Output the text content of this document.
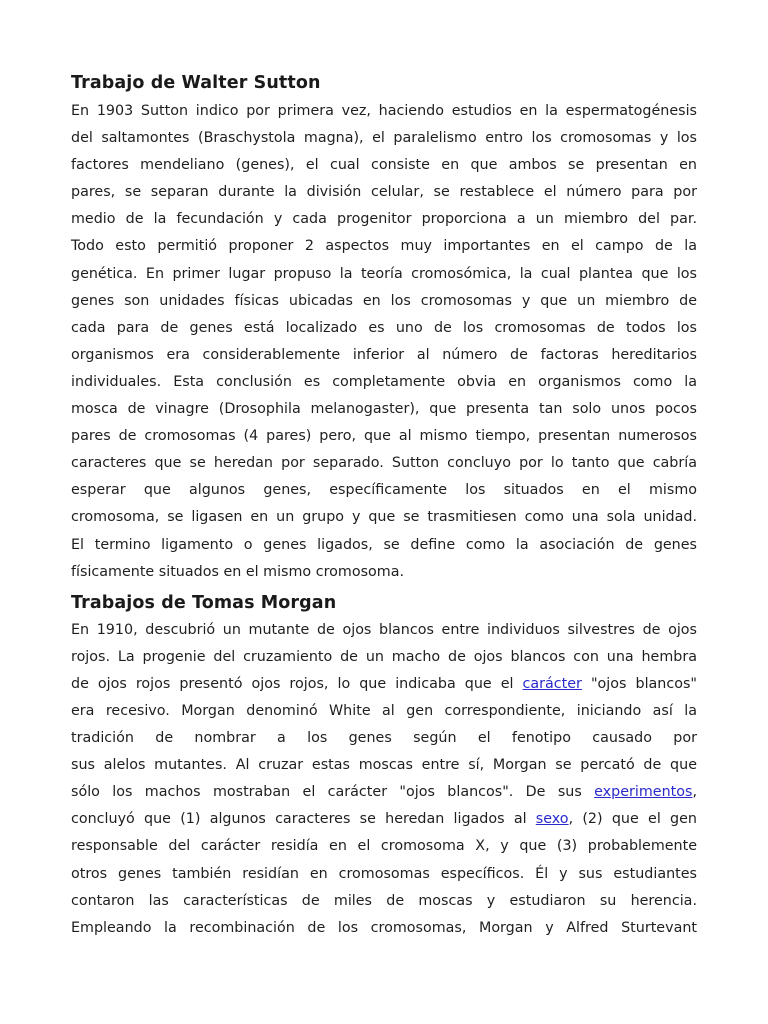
Trabajo de Walter Sutton
En 1903 Sutton indico por primera vez, haciendo estudios en la espermatogénesis
del saltamontes (Braschystola magna), el paralelismo entro los cromosomas y los
factores mendeliano (genes), el cual consiste en que ambos se presentan en
pares, se separan durante la división celular, se restablece el número para por
medio de la fecundación y cada progenitor proporciona a un miembro del par.
Todo esto permitió proponer 2 aspectos muy importantes en el campo de la
genética. En primer lugar propuso la teoría cromosómica, la cual plantea que los
genes son unidades físicas ubicadas en los cromosomas y que un miembro de
cada para de genes está localizado es uno de los cromosomas de todos los
organismos era considerablemente inferior al número de factoras hereditarios
individuales. Esta conclusión es completamente obvia en organismos como la
mosca de vinagre (Drosophila melanogaster), que presenta tan solo unos pocos
pares de cromosomas (4 pares) pero, que al mismo tiempo, presentan numerosos
caracteres que se heredan por separado. Sutton concluyo por lo tanto que cabría
esperar que algunos genes, específicamente los situados en el mismo
cromosoma, se ligasen en un grupo y que se trasmitiesen como una sola unidad.
El termino ligamento o genes ligados, se define como la asociación de genes
físicamente situados en el mismo cromosoma.
Trabajos de Tomas Morgan
En 1910, descubrió un mutante de ojos blancos entre individuos silvestres de ojos
rojos. La progenie del cruzamiento de un macho de ojos blancos con una hembra
de ojos rojos presentó ojos rojos, lo que indicaba que el carácter "ojos blancos"
era recesivo. Morgan denominó White al gen correspondiente, iniciando así la
tradición de nombrar a los genes según el fenotipo causado por
sus alelos mutantes. Al cruzar estas moscas entre sí, Morgan se percató de que
sólo los machos mostraban el carácter "ojos blancos". De sus experimentos,
concluyó que (1) algunos caracteres se heredan ligados al sexo, (2) que el gen
responsable del carácter residía en el cromosoma X, y que (3) probablemente
otros genes también residían en cromosomas específicos. Él y sus estudiantes
contaron las características de miles de moscas y estudiaron su herencia.
Empleando la recombinación de los cromosomas, Morgan y Alfred Sturtevant
